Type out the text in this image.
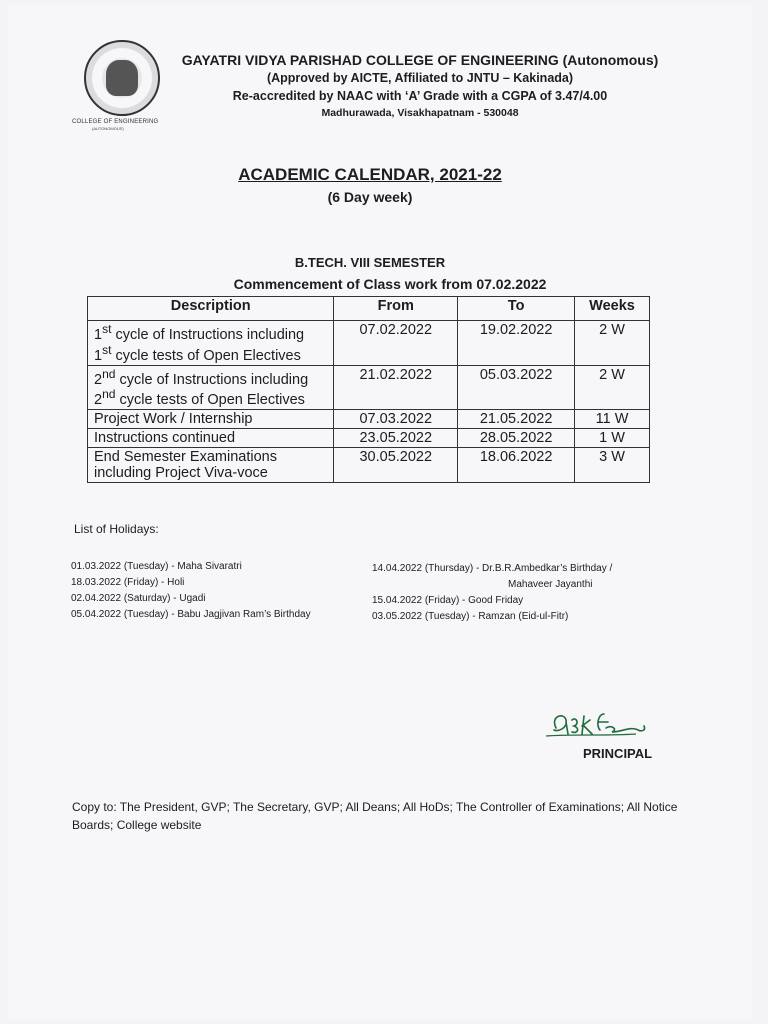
COLLEGE OF ENGINEERING
(AUTONOMOUS)
GAYATRI VIDYA PARISHAD COLLEGE OF ENGINEERING (Autonomous)
(Approved by AICTE, Affiliated to JNTU – Kakinada)
Re-accredited by NAAC with ‘A’ Grade with a CGPA of 3.47/4.00
Madhurawada, Visakhapatnam - 530048
ACADEMIC CALENDAR, 2021-22
(6 Day week)
B.TECH. VIII SEMESTER
Commencement of Class work from 07.02.2022
Description	From	To	Weeks

1st cycle of Instructions including
1st cycle tests of Open Electives	07.02.2022	19.02.2022	2 W

2nd cycle of Instructions including
2nd cycle tests of Open Electives	21.02.2022	05.03.2022	2 W
Project Work / Internship	07.03.2022	21.05.2022	11 W
Instructions continued	23.05.2022	28.05.2022	1 W

End Semester Examinations
including Project Viva-voce	30.05.2022	18.06.2022	3 W
List of Holidays:
01.03.2022 (Tuesday) - Maha Sivaratri
18.03.2022 (Friday) - Holi
02.04.2022 (Saturday) - Ugadi
05.04.2022 (Tuesday) - Babu Jagjivan Ram’s Birthday
14.04.2022 (Thursday) - Dr.B.R.Ambedkar’s Birthday /
Mahaveer Jayanthi
15.04.2022 (Friday) - Good Friday
03.05.2022 (Tuesday) - Ramzan (Eid-ul-Fitr)
PRINCIPAL
Copy to: The President, GVP; The Secretary, GVP; All Deans; All HoDs; The Controller of Examinations; All Notice Boards; College website
